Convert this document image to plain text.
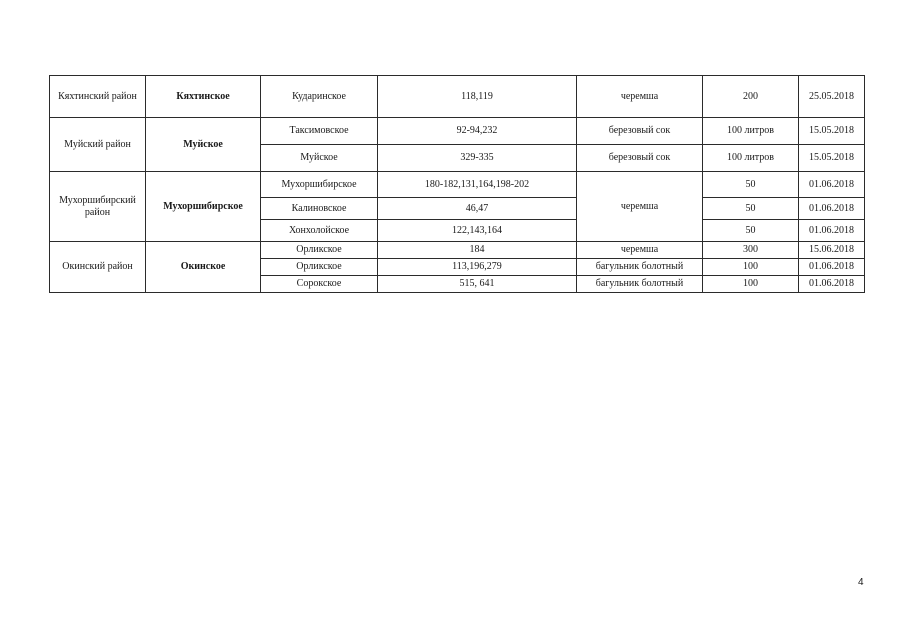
Кяхтинский район	Кяхтинское	Кударинское	118,119	черемша	200	25.05.2018
Муйский район	Муйское	Таксимовское	92-94,232	березовый сок	100 литров	15.05.2018
		Муйское	329-335	березовый сок	100 литров	15.05.2018
Мухоршибирский район	Мухоршибирское	Мухоршибирское	180-182,131,164,198-202	черемша	50	01.06.2018
		Калиновское	46,47		50	01.06.2018
		Хонхолойское	122,143,164		50	01.06.2018
Окинский район	Окинское	Орликское	184	черемша	300	15.06.2018
		Орликское	113,196,279	багульник болотный	100	01.06.2018
		Сорокское	515, 641	багульник болотный	100	01.06.2018
4
